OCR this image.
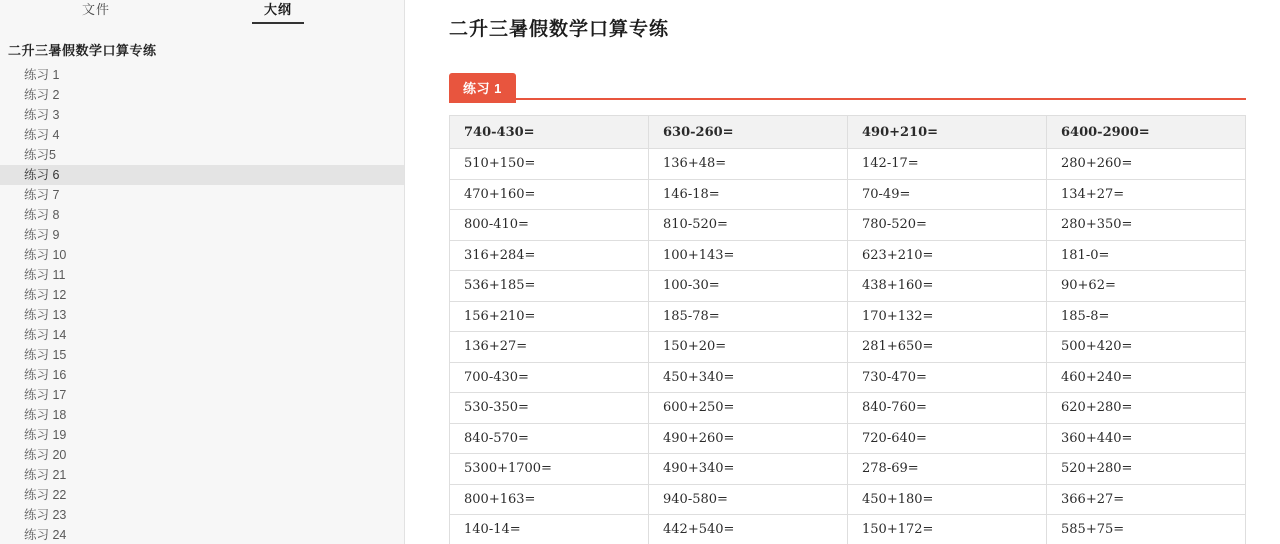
文件	大纲
二升三暑假数学口算专练
练习 1
练习 2
练习 3
练习 4
练习5
练习 6
练习 7
练习 8
练习 9
练习 10
练习 11
练习 12
练习 13
练习 14
练习 15
练习 16
练习 17
练习 18
练习 19
练习 20
练习 21
练习 22
练习 23
练习 24
二升三暑假数学口算专练
练习 1
740-430=	630-260=	490+210=	6400-2900=
510+150=	136+48=	142-17=	280+260=
470+160=	146-18=	70-49=	134+27=
800-410=	810-520=	780-520=	280+350=
316+284=	100+143=	623+210=	181-0=
536+185=	100-30=	438+160=	90+62=
156+210=	185-78=	170+132=	185-8=
136+27=	150+20=	281+650=	500+420=
700-430=	450+340=	730-470=	460+240=
530-350=	600+250=	840-760=	620+280=
840-570=	490+260=	720-640=	360+440=
5300+1700=	490+340=	278-69=	520+280=
800+163=	940-580=	450+180=	366+27=
140-14=	442+540=	150+172=	585+75=
